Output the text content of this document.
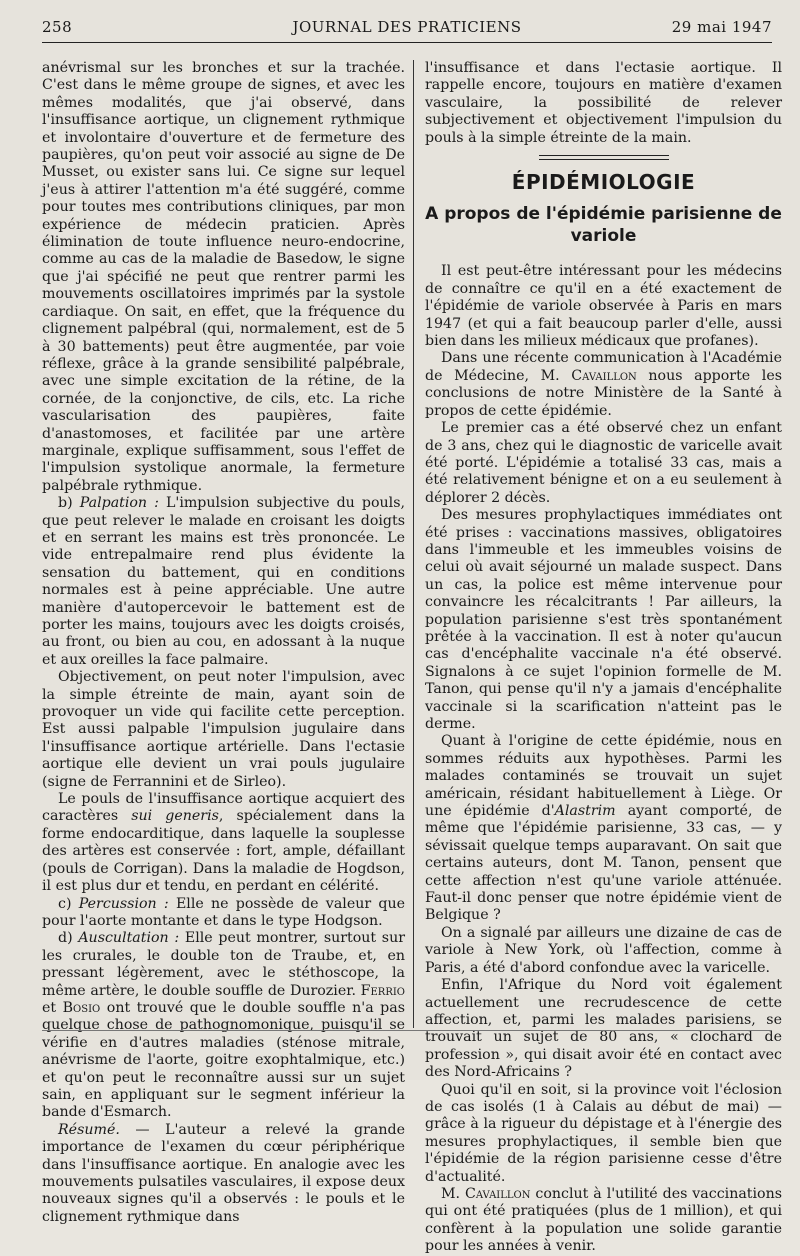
258	JOURNAL DES PRATICIENS	29 mai 1947

anévrismal sur les bronches et sur la trachée. C'est dans le même groupe de signes, et avec les mêmes modalités, que j'ai observé, dans l'insuffisance aortique, un clignement rythmique et involontaire d'ouverture et de fermeture des paupières, qu'on peut voir associé au signe de De Musset, ou exister sans lui. Ce signe sur lequel j'eus à attirer l'attention m'a été suggéré, comme pour toutes mes contributions cliniques, par mon expérience de médecin praticien. Après élimination de toute influence neuro-endocrine, comme au cas de la maladie de Basedow, le signe que j'ai spécifié ne peut que rentrer parmi les mouvements oscillatoires imprimés par la systole cardiaque. On sait, en effet, que la fréquence du clignement palpébral (qui, normalement, est de 5 à 30 battements) peut être augmentée, par voie réflexe, grâce à la grande sensibilité palpébrale, avec une simple excitation de la rétine, de la cornée, de la conjonctive, de cils, etc. La riche vascularisation des paupières, faite d'anastomoses, et facilitée par une artère marginale, explique suffisamment, sous l'effet de l'impulsion systolique anormale, la fermeture palpébrale rythmique.

b) Palpation : L'impulsion subjective du pouls, que peut relever le malade en croisant les doigts et en serrant les mains est très prononcée. Le vide entrepalmaire rend plus évidente la sensation du battement, qui en conditions normales est à peine appréciable. Une autre manière d'autopercevoir le battement est de porter les mains, toujours avec les doigts croisés, au front, ou bien au cou, en adossant à la nuque et aux oreilles la face palmaire.

Objectivement, on peut noter l'impulsion, avec la simple étreinte de main, ayant soin de provoquer un vide qui facilite cette perception. Est aussi palpable l'impulsion jugulaire dans l'insuffisance aortique artérielle. Dans l'ectasie aortique elle devient un vrai pouls jugulaire (signe de Ferrannini et de Sirleo).

Le pouls de l'insuffisance aortique acquiert des caractères sui generis, spécialement dans la forme endocarditique, dans laquelle la souplesse des artères est conservée : fort, ample, défaillant (pouls de Corrigan). Dans la maladie de Hogdson, il est plus dur et tendu, en perdant en célérité.

c) Percussion : Elle ne possède de valeur que pour l'aorte montante et dans le type Hodgson.

d) Auscultation : Elle peut montrer, surtout sur les crurales, le double ton de Traube, et, en pressant légèrement, avec le stéthoscope, la même artère, le double souffle de Durozier. Ferrio et Bosio ont trouvé que le double souffle n'a pas quelque chose de pathognomonique, puisqu'il se vérifie en d'autres maladies (sténose mitrale, anévrisme de l'aorte, goitre exophtalmique, etc.) et qu'on peut le reconnaître aussi sur un sujet sain, en appliquant sur le segment inférieur la bande d'Esmarch.

Résumé. — L'auteur a relevé la grande importance de l'examen du cœur périphérique dans l'insuffisance aortique. En analogie avec les mouvements pulsatiles vasculaires, il expose deux nouveaux signes qu'il a observés : le pouls et le clignement rythmique dans

l'insuffisance et dans l'ectasie aortique. Il rappelle encore, toujours en matière d'examen vasculaire, la possibilité de relever subjectivement et objectivement l'impulsion du pouls à la simple étreinte de la main.

ÉPIDÉMIOLOGIE
A propos de l'épidémie parisienne de variole

Il est peut-être intéressant pour les médecins de connaître ce qu'il en a été exactement de l'épidémie de variole observée à Paris en mars 1947 (et qui a fait beaucoup parler d'elle, aussi bien dans les milieux médicaux que profanes).

Dans une récente communication à l'Académie de Médecine, M. Cavaillon nous apporte les conclusions de notre Ministère de la Santé à propos de cette épidémie.

Le premier cas a été observé chez un enfant de 3 ans, chez qui le diagnostic de varicelle avait été porté. L'épidémie a totalisé 33 cas, mais a été relativement bénigne et on a eu seulement à déplorer 2 décès.

Des mesures prophylactiques immédiates ont été prises : vaccinations massives, obligatoires dans l'immeuble et les immeubles voisins de celui où avait séjourné un malade suspect. Dans un cas, la police est même intervenue pour convaincre les récalcitrants ! Par ailleurs, la population parisienne s'est très spontanément prêtée à la vaccination. Il est à noter qu'aucun cas d'encéphalite vaccinale n'a été observé. Signalons à ce sujet l'opinion formelle de M. Tanon, qui pense qu'il n'y a jamais d'encéphalite vaccinale si la scarification n'atteint pas le derme.

Quant à l'origine de cette épidémie, nous en sommes réduits aux hypothèses. Parmi les malades contaminés se trouvait un sujet américain, résidant habituellement à Liège. Or une épidémie d'Alastrim ayant comporté, de même que l'épidémie parisienne, 33 cas, — y sévissait quelque temps auparavant. On sait que certains auteurs, dont M. Tanon, pensent que cette affection n'est qu'une variole atténuée. Faut-il donc penser que notre épidémie vient de Belgique ?

On a signalé par ailleurs une dizaine de cas de variole à New York, où l'affection, comme à Paris, a été d'abord confondue avec la varicelle.

Enfin, l'Afrique du Nord voit également actuellement une recrudescence de cette affection, et, parmi les malades parisiens, se trouvait un sujet de 80 ans, « clochard de profession », qui disait avoir été en contact avec des Nord-Africains ?

Quoi qu'il en soit, si la province voit l'éclosion de cas isolés (1 à Calais au début de mai) — grâce à la rigueur du dépistage et à l'énergie des mesures prophylactiques, il semble bien que l'épidémie de la région parisienne cesse d'être d'actualité.

M. Cavaillon conclut à l'utilité des vaccinations qui ont été pratiquées (plus de 1 million), et qui confèrent à la population une solide garantie pour les années à venir.
